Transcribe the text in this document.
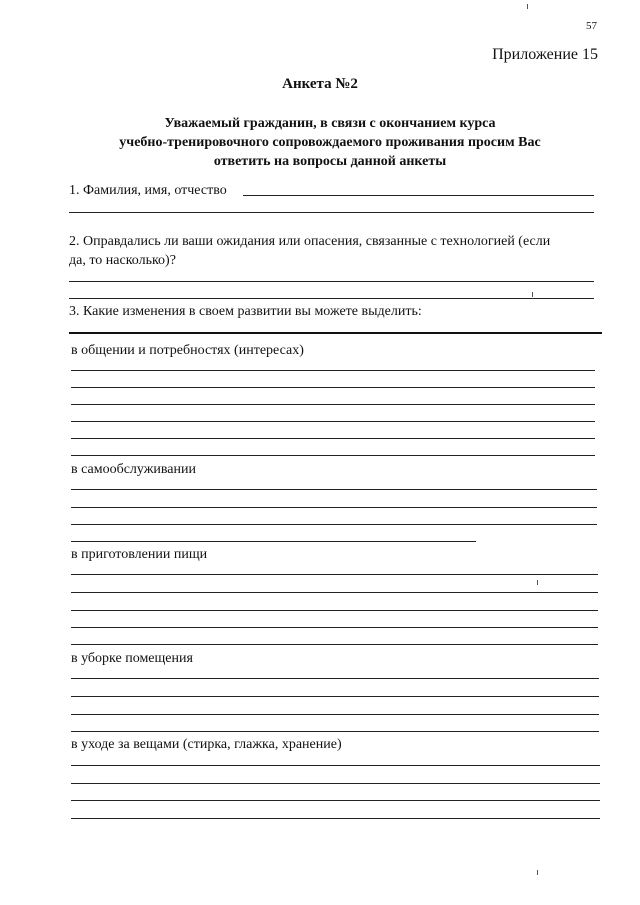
57
Приложение 15
Анкета №2
Уважаемый гражданин, в связи с окончанием курса
учебно-тренировочного сопровождаемого проживания просим Вас
ответить на вопросы данной анкеты
1. Фамилия, имя, отчество
2. Оправдались ли ваши ожидания или опасения, связанные с технологией (если
да, то насколько)?
3. Какие изменения в своем развитии вы можете выделить:
в общении и потребностях (интересах)
в самообслуживании
в приготовлении пищи
в уборке помещения
в уходе за вещами (стирка, глажка, хранение)
